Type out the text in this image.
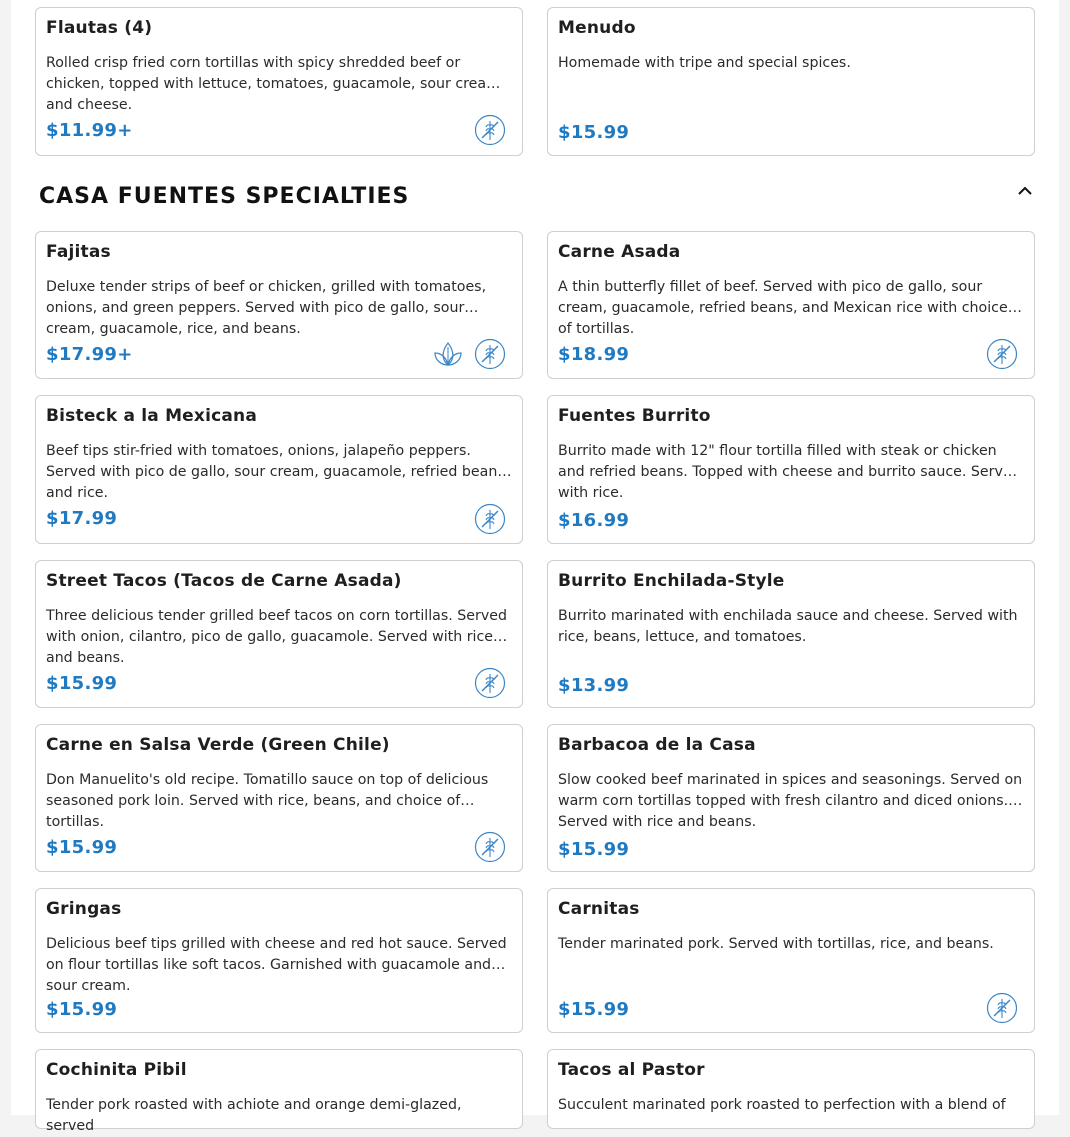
Flautas (4)
Rolled crisp fried corn tortillas with spicy shredded beef or chicken, topped with lettuce, tomatoes, guacamole, sour cream, and cheese.
$11.99+
Menudo
Homemade with tripe and special spices.
$15.99
CASA FUENTES SPECIALTIES
Fajitas
Deluxe tender strips of beef or chicken, grilled with tomatoes, onions, and green peppers. Served with pico de gallo, sour cream, guacamole, rice, and beans.
$17.99+
Carne Asada
A thin butterfly fillet of beef. Served with pico de gallo, sour cream, guacamole, refried beans, and Mexican rice with choice of tortillas.
$18.99
Bisteck a la Mexicana
Beef tips stir-fried with tomatoes, onions, jalapeño peppers. Served with pico de gallo, sour cream, guacamole, refried beans, and rice.
$17.99
Fuentes Burrito
Burrito made with 12" flour tortilla filled with steak or chicken and refried beans. Topped with cheese and burrito sauce. Served with rice.
$16.99
Street Tacos (Tacos de Carne Asada)
Three delicious tender grilled beef tacos on corn tortillas. Served with onion, cilantro, pico de gallo, guacamole. Served with rice and beans.
$15.99
Burrito Enchilada-Style
Burrito marinated with enchilada sauce and cheese. Served with rice, beans, lettuce, and tomatoes.
$13.99
Carne en Salsa Verde (Green Chile)
Don Manuelito's old recipe. Tomatillo sauce on top of delicious seasoned pork loin. Served with rice, beans, and choice of tortillas.
$15.99
Barbacoa de la Casa
Slow cooked beef marinated in spices and seasonings. Served on warm corn tortillas topped with fresh cilantro and diced onions. Served with rice and beans.
$15.99
Gringas
Delicious beef tips grilled with cheese and red hot sauce. Served on flour tortillas like soft tacos. Garnished with guacamole and sour cream.
$15.99
Carnitas
Tender marinated pork. Served with tortillas, rice, and beans.
$15.99
Cochinita Pibil
Tender pork roasted with achiote and orange demi-glazed, served
Tacos al Pastor
Succulent marinated pork roasted to perfection with a blend of
